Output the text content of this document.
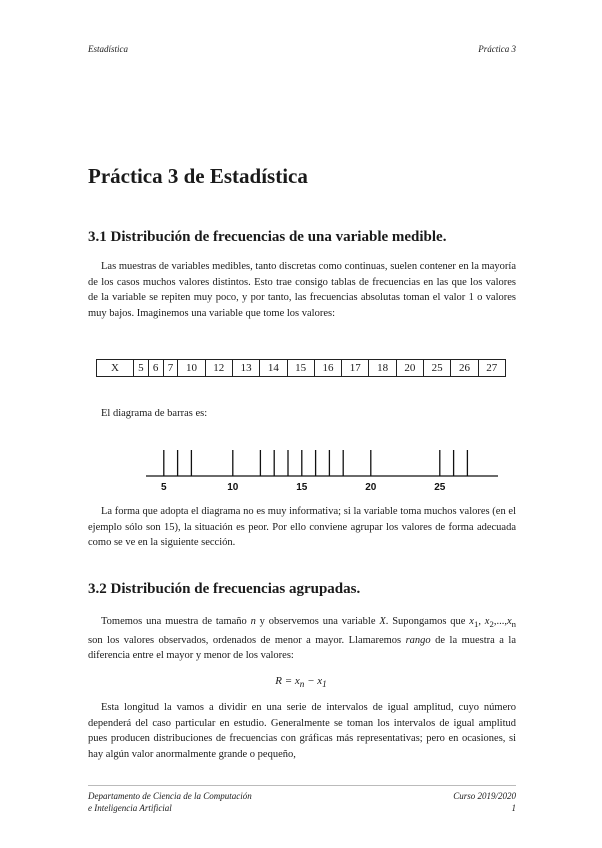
Estadística	Práctica 3
Práctica 3 de Estadística
3.1 Distribución de frecuencias de una variable medible.

Las muestras de variables medibles, tanto discretas como continuas, suelen contener en la mayoría de los casos muchos valores distintos. Esto trae consigo tablas de frecuencias en las que los valores de la variable se repiten muy poco, y por tanto, las frecuencias absolutas toman el valor 1 o valores muy bajos. Imaginemos una variable que tome los valores:

X	5	6	7	10	12	13	14	15	16	17	18	20	25	26	27

El diagrama de barras es:

5	10	15	20	25

La forma que adopta el diagrama no es muy informativa; si la variable toma muchos valores (en el ejemplo sólo son 15), la situación es peor. Por ello conviene agrupar los valores de forma adecuada como se ve en la siguiente sección.

3.2 Distribución de frecuencias agrupadas.

Tomemos una muestra de tamaño n y observemos una variable X. Supongamos que $x_1$, $x_2,...,x_n$ son los valores observados, ordenados de menor a mayor. Llamaremos rango de la muestra a la diferencia entre el mayor y menor de los valores:

$R = x_n - x_1$

Esta longitud la vamos a dividir en una serie de intervalos de igual amplitud, cuyo número dependerá del caso particular en estudio. Generalmente se toman los intervalos de igual amplitud pues producen distribuciones de frecuencias con gráficas más representativas; pero en ocasiones, si hay algún valor anormalmente grande o pequeño,

Departamento de Ciencia de la Computación
e Inteligencia Artificial
Curso 2019/2020
1
